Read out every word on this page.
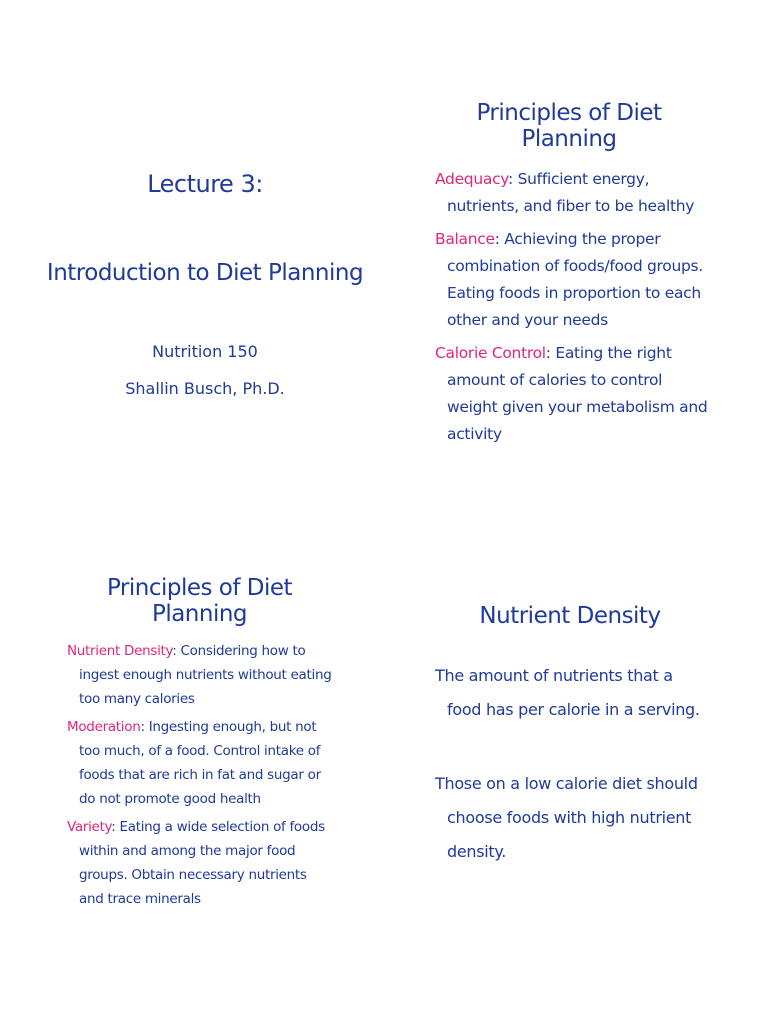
Lecture 3:
Introduction to Diet Planning
Nutrition 150
Shallin Busch, Ph.D.
Principles of Diet Planning

Adequacy: Sufficient energy, nutrients, and fiber to be healthy

Balance: Achieving the proper combination of foods/food groups. Eating foods in proportion to each other and your needs

Calorie Control: Eating the right amount of calories to control weight given your metabolism and activity

Principles of Diet Planning

Nutrient Density: Considering how to ingest enough nutrients without eating too many calories

Moderation: Ingesting enough, but not too much, of a food. Control intake of foods that are rich in fat and sugar or do not promote good health

Variety: Eating a wide selection of foods within and among the major food groups. Obtain necessary nutrients and trace minerals

Nutrient Density

The amount of nutrients that a food has per calorie in a serving.

Those on a low calorie diet should choose foods with high nutrient density.
